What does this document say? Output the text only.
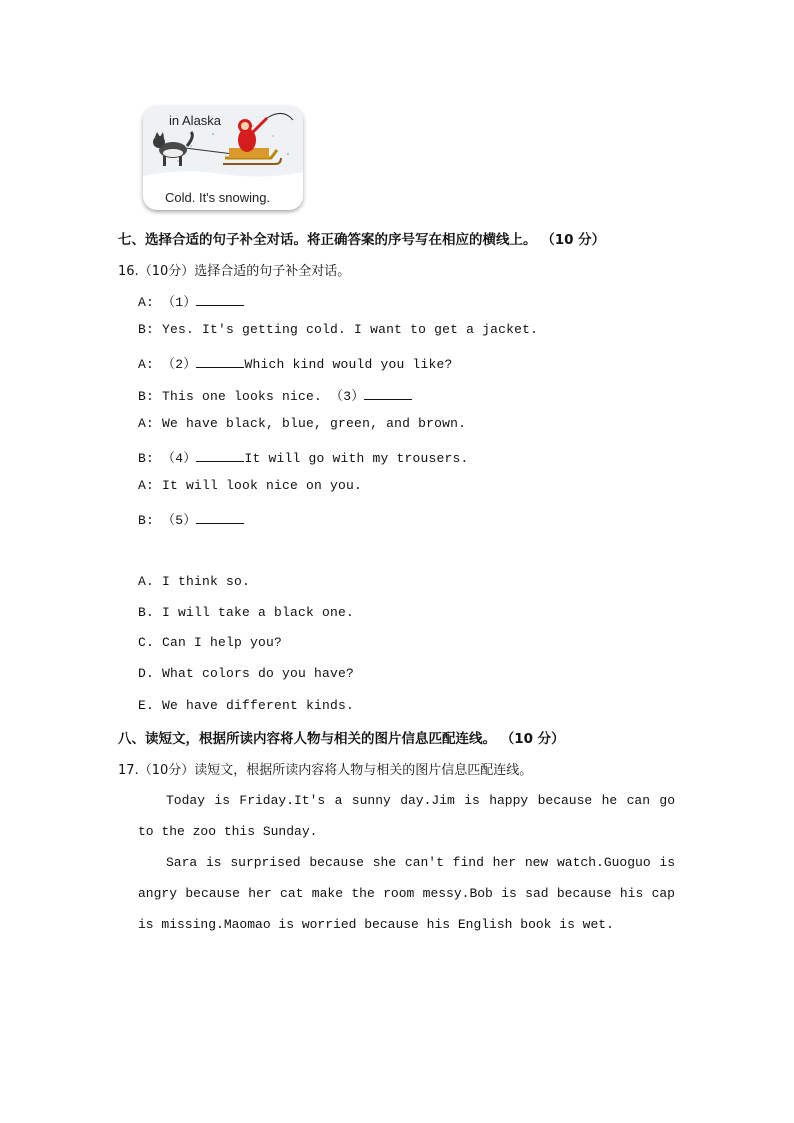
in Alaska
Cold. It's snowing.
七、选择合适的句子补全对话。将正确答案的序号写在相应的横线上。 （10 分）
16.（10分）选择合适的句子补全对话。
A: （1）
B: Yes. It's getting cold. I want to get a jacket.
A: （2）	Which kind would you like?
B: This one looks nice. （3）
A: We have black, blue, green, and brown.
B: （4）	It will go with my trousers.
A: It will look nice on you.
B: （5）
A. I think so.
B. I will take a black one.
C. Can I help you?
D. What colors do you have?
E. We have different kinds.
八、读短文，根据所读内容将人物与相关的图片信息匹配连线。 （10 分）
17.（10分）读短文，根据所读内容将人物与相关的图片信息匹配连线。
Today is Friday.It's a sunny day.Jim is happy because he can go to the zoo this Sunday.
Sara is surprised because she can't find her new watch.Guoguo is angry because her cat make the room messy.Bob is sad because his cap is missing.Maomao is worried because his English book is wet.
